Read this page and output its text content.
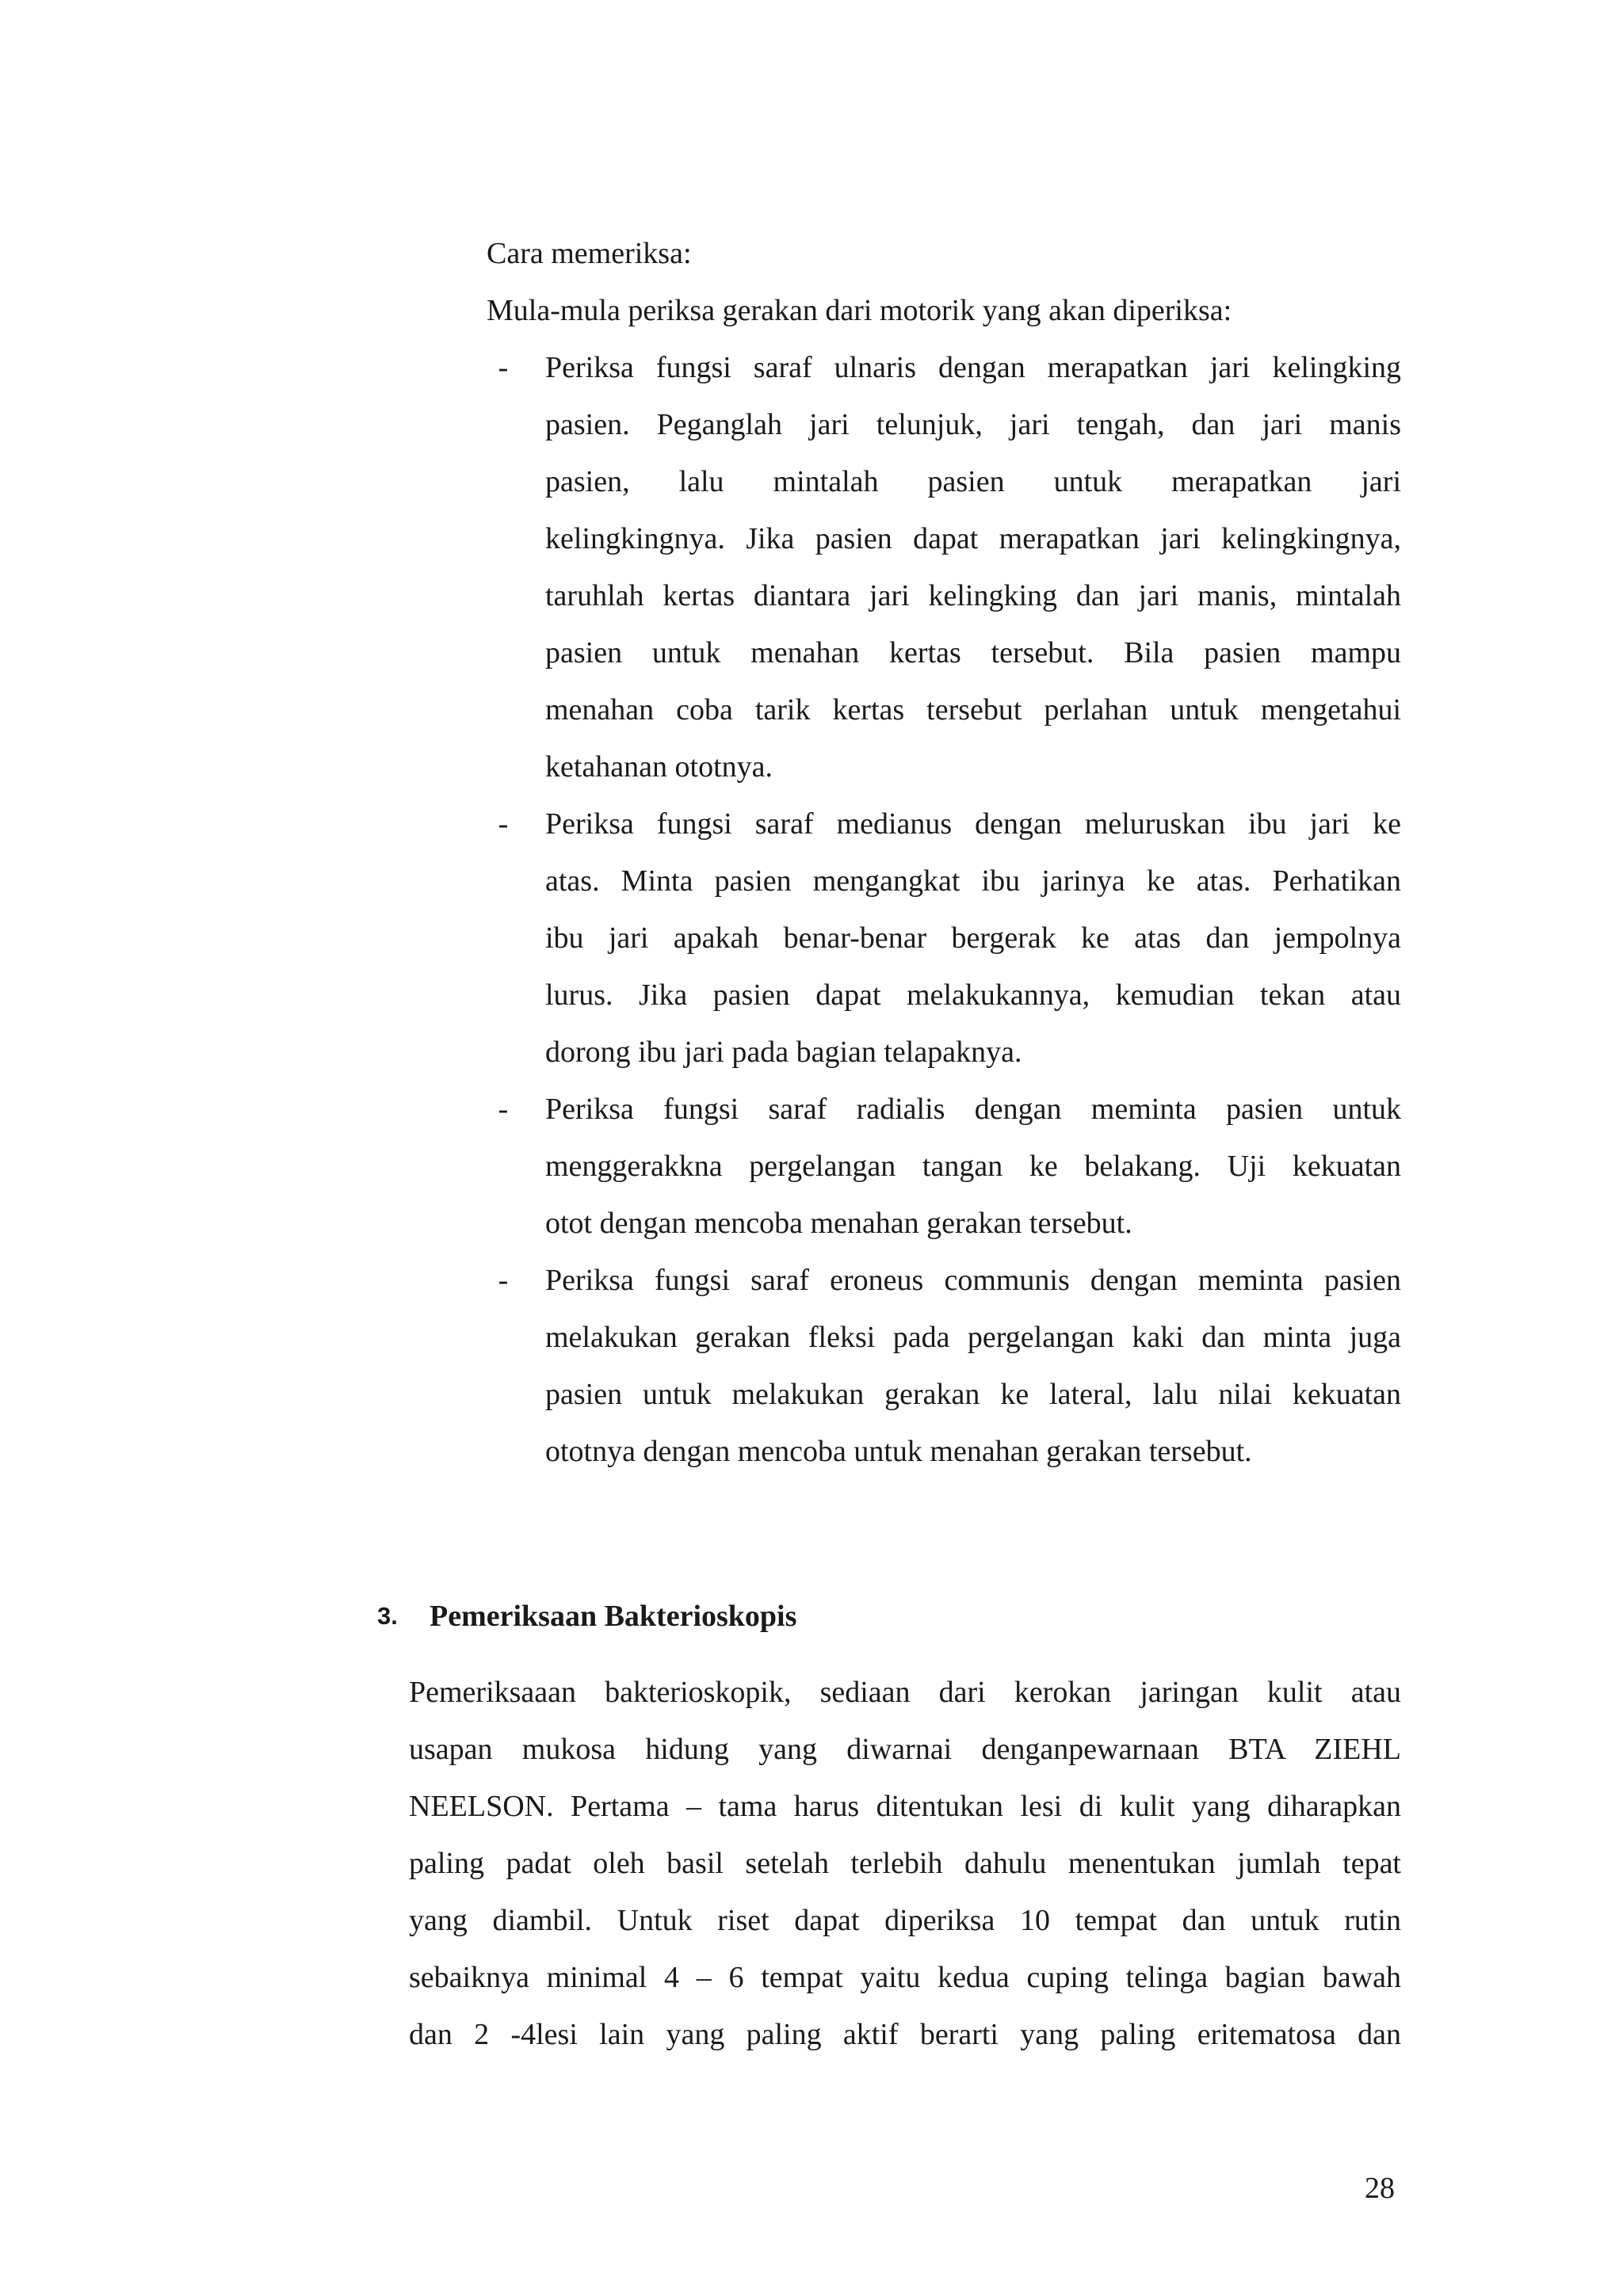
Cara memeriksa:
Mula-mula periksa gerakan dari motorik yang akan diperiksa:
- Periksa fungsi saraf ulnaris dengan merapatkan jari kelingking
pasien. Peganglah jari telunjuk, jari tengah, dan jari manis
pasien, lalu mintalah pasien untuk merapatkan jari
kelingkingnya. Jika pasien dapat merapatkan jari kelingkingnya,
taruhlah kertas diantara jari kelingking dan jari manis, mintalah
pasien untuk menahan kertas tersebut. Bila pasien mampu
menahan coba tarik kertas tersebut perlahan untuk mengetahui
ketahanan ototnya.
- Periksa fungsi saraf medianus dengan meluruskan ibu jari ke
atas. Minta pasien mengangkat ibu jarinya ke atas. Perhatikan
ibu jari apakah benar-benar bergerak ke atas dan jempolnya
lurus. Jika pasien dapat melakukannya, kemudian tekan atau
dorong ibu jari pada bagian telapaknya.
- Periksa fungsi saraf radialis dengan meminta pasien untuk
menggerakkna pergelangan tangan ke belakang. Uji kekuatan
otot dengan mencoba menahan gerakan tersebut.
- Periksa fungsi saraf eroneus communis dengan meminta pasien
melakukan gerakan fleksi pada pergelangan kaki dan minta juga
pasien untuk melakukan gerakan ke lateral, lalu nilai kekuatan
ototnya dengan mencoba untuk menahan gerakan tersebut.
3. Pemeriksaan Bakterioskopis
Pemeriksaaan bakterioskopik, sediaan dari kerokan jaringan kulit atau
usapan mukosa hidung yang diwarnai denganpewarnaan BTA ZIEHL
NEELSON. Pertama – tama harus ditentukan lesi di kulit yang diharapkan
paling padat oleh basil setelah terlebih dahulu menentukan jumlah tepat
yang diambil. Untuk riset dapat diperiksa 10 tempat dan untuk rutin
sebaiknya minimal 4 – 6 tempat yaitu kedua cuping telinga bagian bawah
dan 2 -4lesi lain yang paling aktif berarti yang paling eritematosa dan
28
